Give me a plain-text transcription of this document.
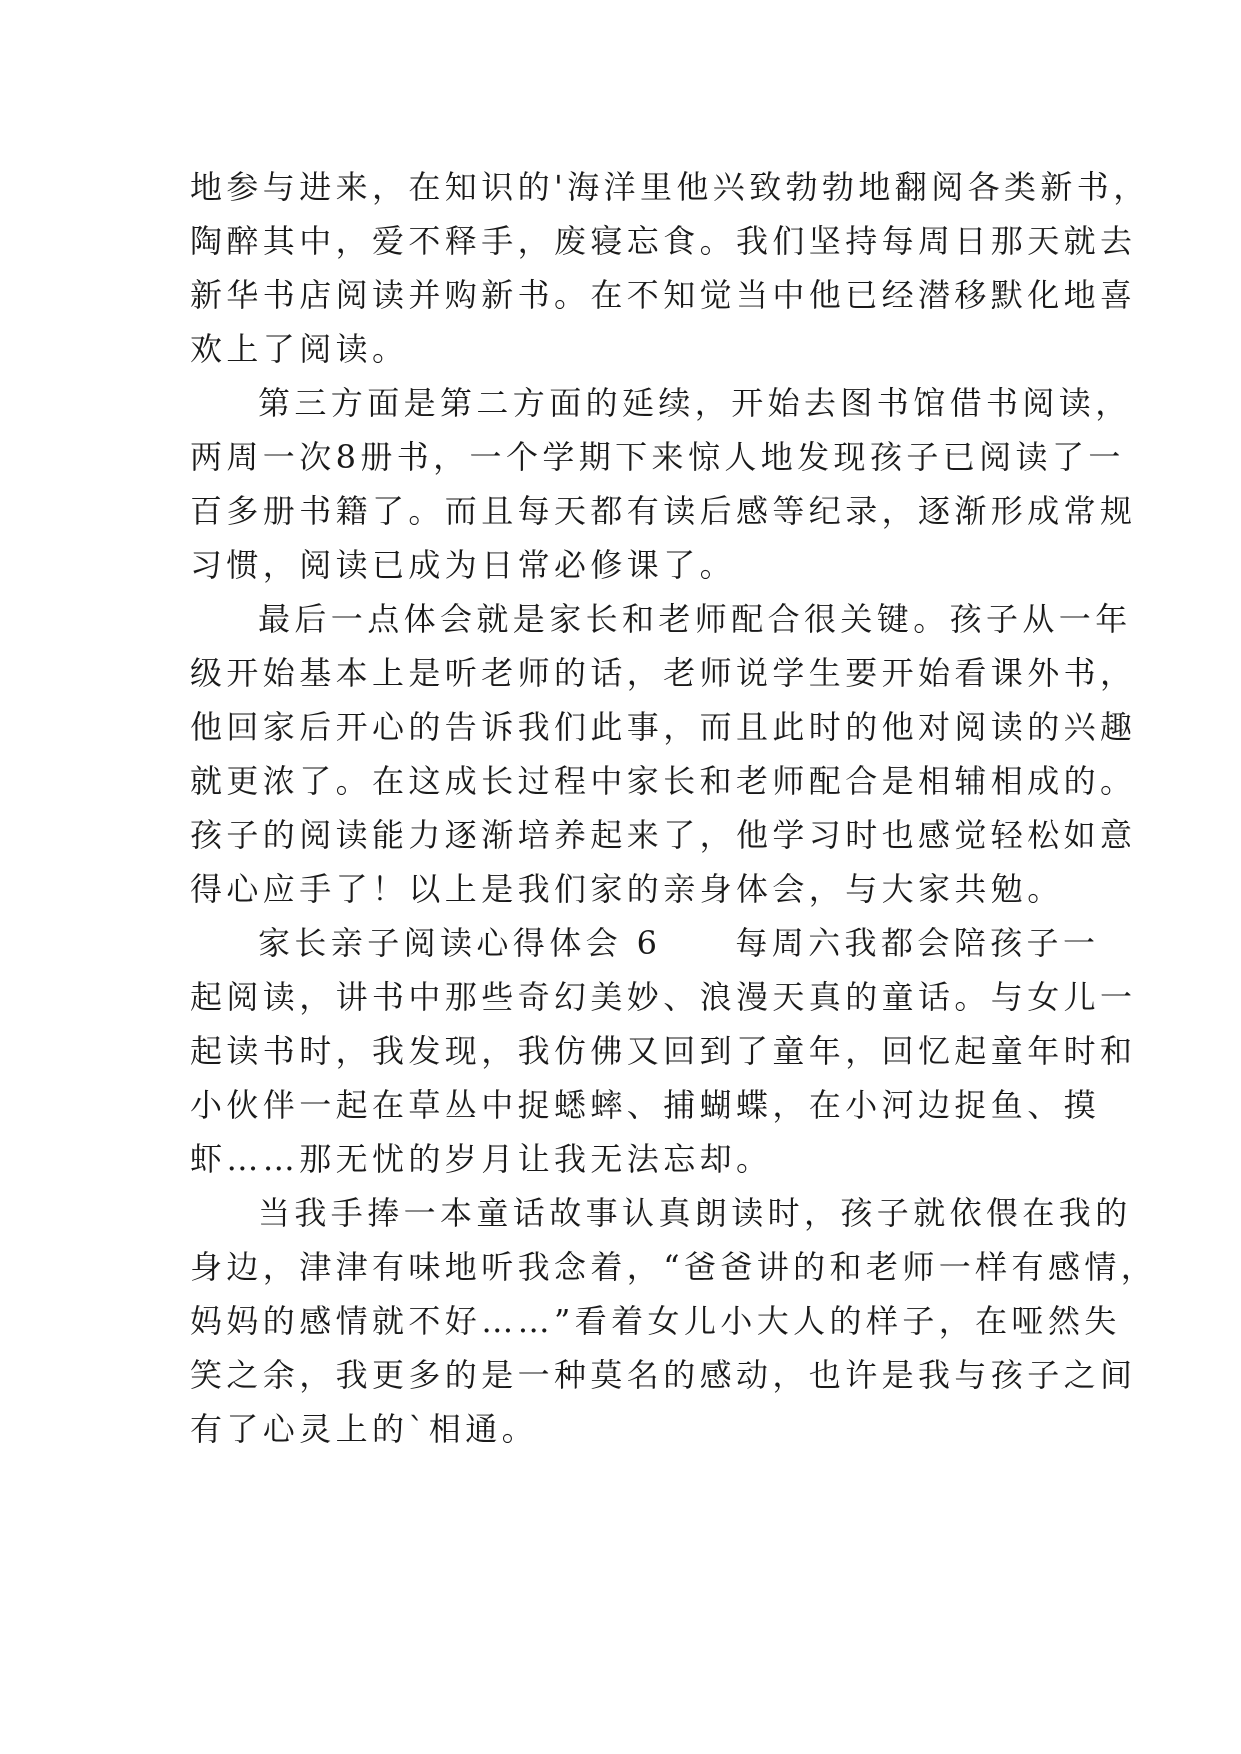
地参与进来，在知识的'海洋里他兴致勃勃地翻阅各类新书，
陶醉其中，爱不释手，废寝忘食。我们坚持每周日那天就去
新华书店阅读并购新书。在不知觉当中他已经潜移默化地喜
欢上了阅读。
第三方面是第二方面的延续，开始去图书馆借书阅读，
两周一次8册书，一个学期下来惊人地发现孩子已阅读了一
百多册书籍了。而且每天都有读后感等纪录，逐渐形成常规
习惯，阅读已成为日常必修课了。
最后一点体会就是家长和老师配合很关键。孩子从一年
级开始基本上是听老师的话，老师说学生要开始看课外书，
他回家后开心的告诉我们此事，而且此时的他对阅读的兴趣
就更浓了。在这成长过程中家长和老师配合是相辅相成的。
孩子的阅读能力逐渐培养起来了，他学习时也感觉轻松如意
得心应手了！以上是我们家的亲身体会，与大家共勉。
家长亲子阅读心得体会 6 每周六我都会陪孩子一
起阅读，讲书中那些奇幻美妙、浪漫天真的童话。与女儿一
起读书时，我发现，我仿佛又回到了童年，回忆起童年时和
小伙伴一起在草丛中捉蟋蟀、捕蝴蝶，在小河边捉鱼、摸
虾……那无忧的岁月让我无法忘却。
当我手捧一本童话故事认真朗读时，孩子就依偎在我的
身边，津津有味地听我念着，“爸爸讲的和老师一样有感情，
妈妈的感情就不好……”看着女儿小大人的样子，在哑然失
笑之余，我更多的是一种莫名的感动，也许是我与孩子之间
有了心灵上的`相通。
